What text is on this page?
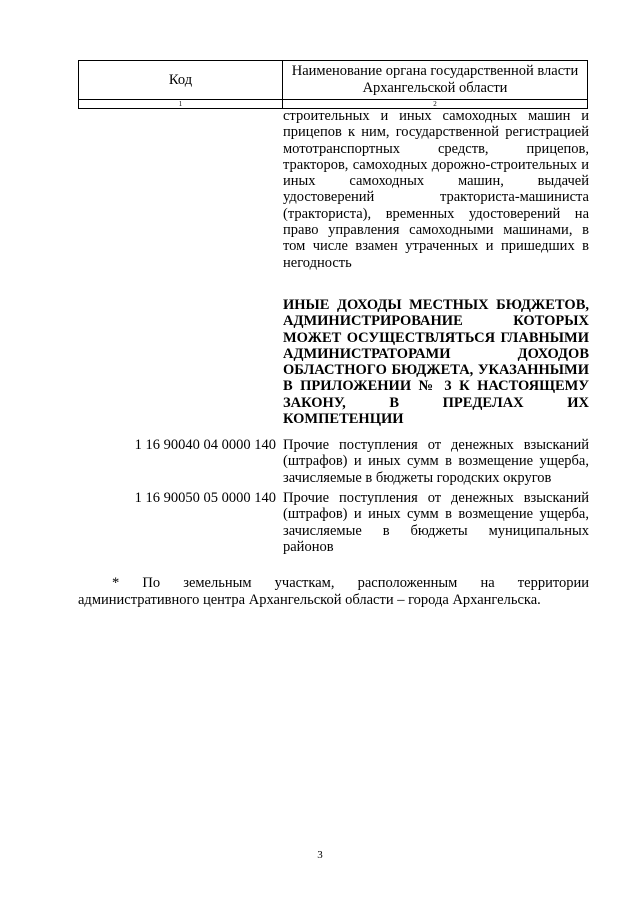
Код	Наименование органа государственной власти Архангельской области
1	2
строительных и иных самоходных машин и прицепов к ним, государственной регистрацией мототранспортных средств, прицепов, тракторов, самоходных дорожно-строительных и иных самоходных машин, выдачей удостоверений тракториста-машиниста (тракториста), временных удостоверений на право управления самоходными машинами, в том числе взамен утраченных и пришедших в негодность
ИНЫЕ ДОХОДЫ МЕСТНЫХ БЮДЖЕТОВ, АДМИНИСТРИРОВАНИЕ КОТОРЫХ МОЖЕТ ОСУЩЕСТВЛЯТЬСЯ ГЛАВНЫМИ АДМИНИСТРАТОРАМИ ДОХОДОВ ОБЛАСТНОГО БЮДЖЕТА, УКАЗАННЫМИ В ПРИЛОЖЕНИИ № 3 К НАСТОЯЩЕМУ ЗАКОНУ, В ПРЕДЕЛАХ ИХ КОМПЕТЕНЦИИ
1 16 90040 04 0000 140 Прочие поступления от денежных взысканий (штрафов) и иных сумм в возмещение ущерба, зачисляемые в бюджеты городских округов
1 16 90050 05 0000 140 Прочие поступления от денежных взысканий (штрафов) и иных сумм в возмещение ущерба, зачисляемые в бюджеты муниципальных районов
* По земельным участкам, расположенным на территории
административного центра Архангельской области – города Архангельска.
3
